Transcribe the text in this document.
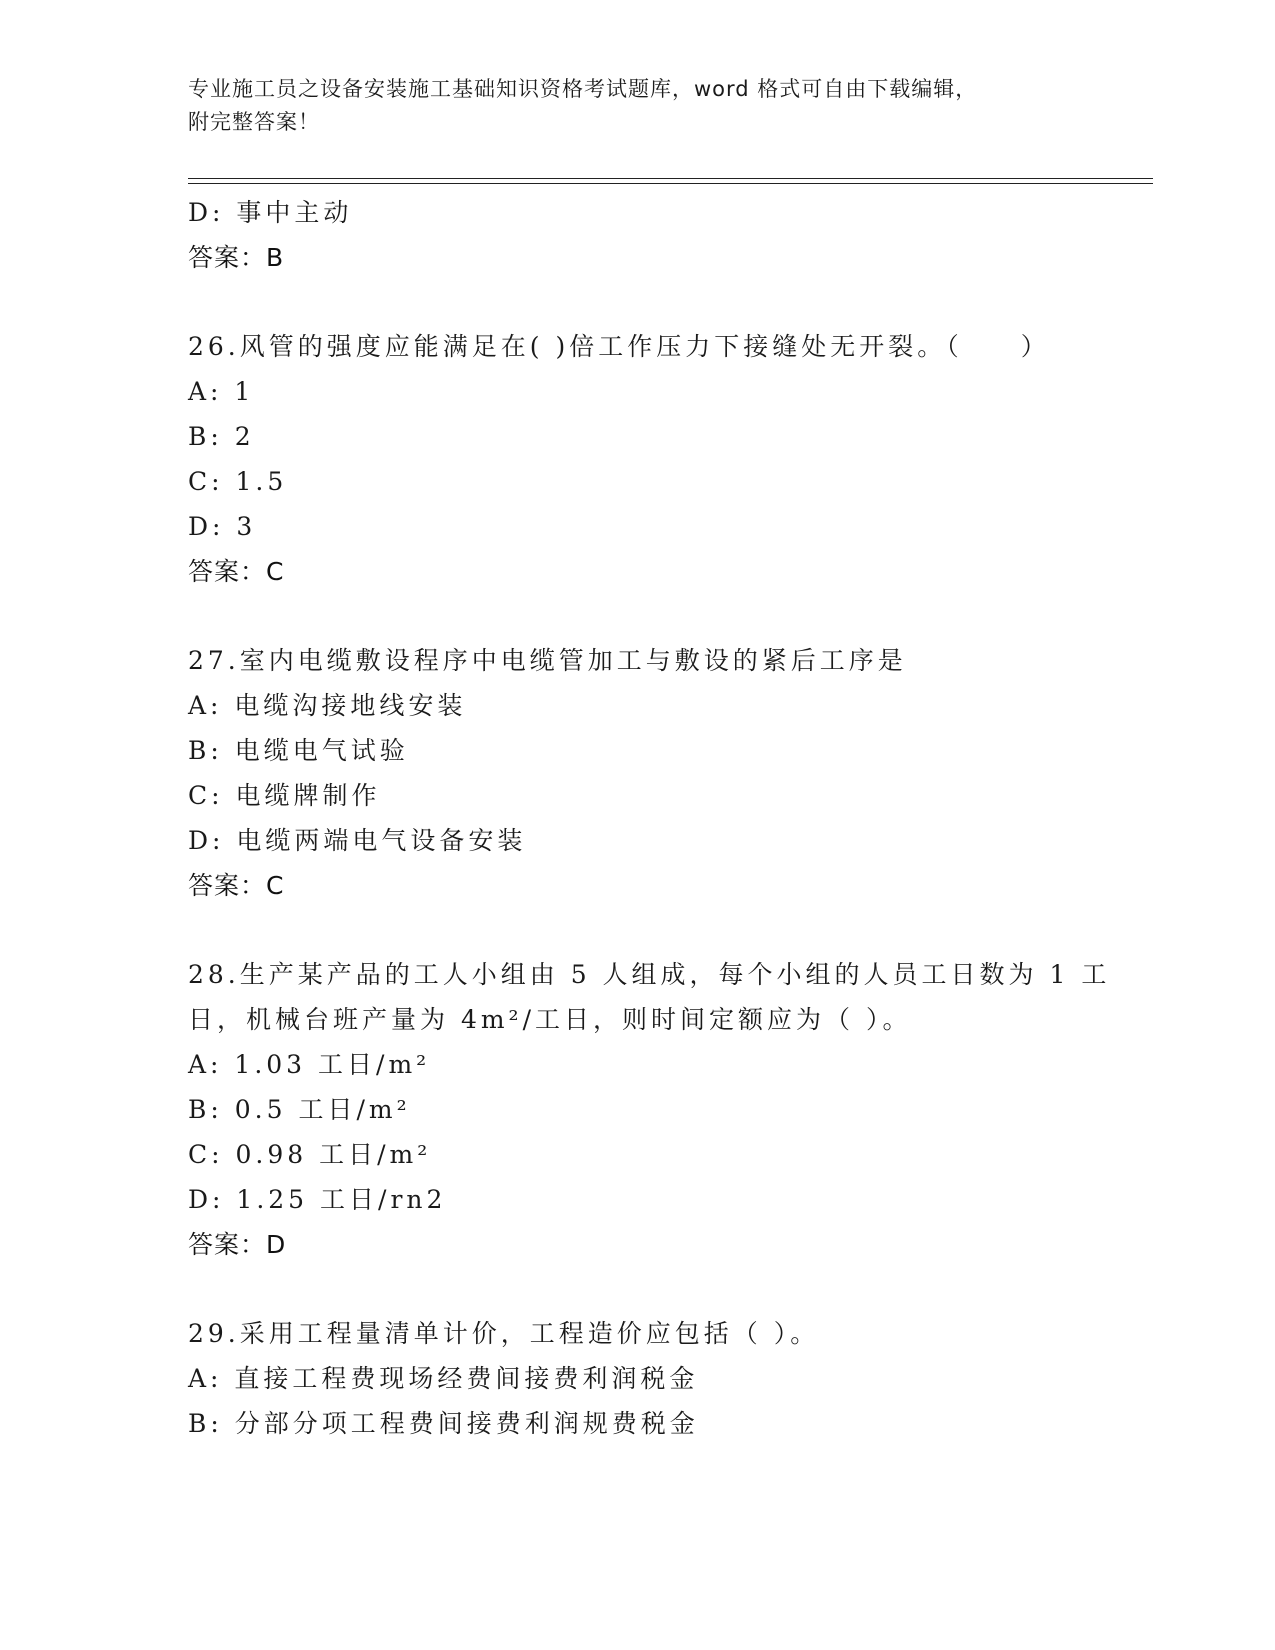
专业施工员之设备安装施工基础知识资格考试题库，word 格式可自由下载编辑，
附完整答案！
D: 事中主动
答案：B
26.风管的强度应能满足在( )倍工作压力下接缝处无开裂。（　　）
A: 1
B: 2
C: 1.5
D: 3
答案：C
27.室内电缆敷设程序中电缆管加工与敷设的紧后工序是
A: 电缆沟接地线安装
B: 电缆电气试验
C: 电缆牌制作
D: 电缆两端电气设备安装
答案：C
28.生产某产品的工人小组由 5 人组成，每个小组的人员工日数为 1 工
日，机械台班产量为 4m²/工日，则时间定额应为（ ）。
A: 1.03 工日/m²
B: 0.5 工日/m²
C: 0.98 工日/m²
D: 1.25 工日/rn2
答案：D
29.采用工程量清单计价，工程造价应包括（ ）。
A: 直接工程费现场经费间接费利润税金
B: 分部分项工程费间接费利润规费税金
